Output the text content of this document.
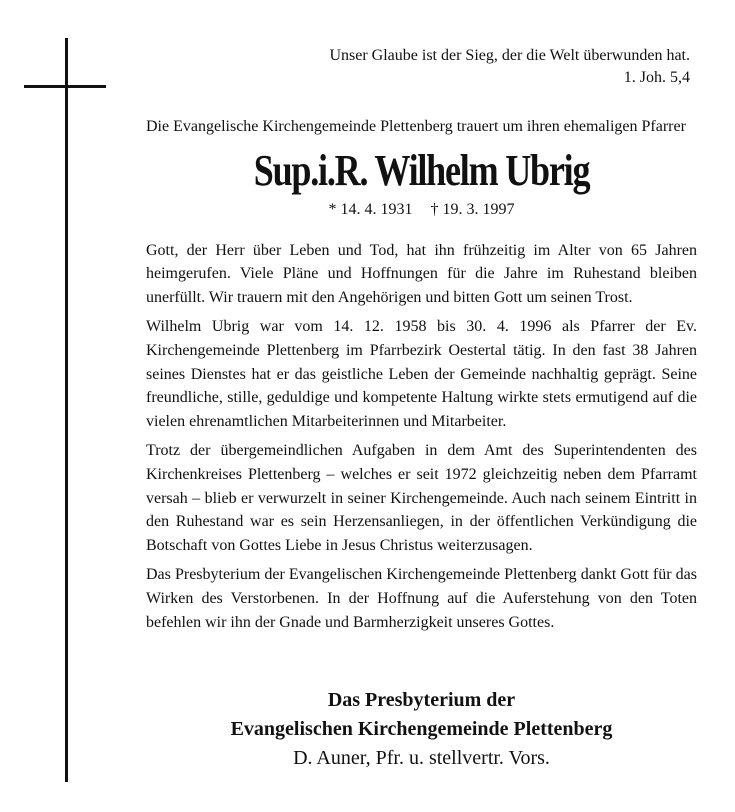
Unser Glaube ist der Sieg, der die Welt überwunden hat.
1. Joh. 5,4

Die Evangelische Kirchengemeinde Plettenberg trauert um ihren ehemaligen Pfarrer

Sup.i.R. Wilhelm Ubrig
* 14. 4. 1931 † 19. 3. 1997

Gott, der Herr über Leben und Tod, hat ihn frühzeitig im Alter von 65 Jahren heimgerufen. Viele Pläne und Hoffnungen für die Jahre im Ruhestand bleiben unerfüllt. Wir trauern mit den Angehörigen und bitten Gott um seinen Trost.

Wilhelm Ubrig war vom 14. 12. 1958 bis 30. 4. 1996 als Pfarrer der Ev. Kirchengemeinde Plettenberg im Pfarrbezirk Oestertal tätig. In den fast 38 Jahren seines Dienstes hat er das geistliche Leben der Gemeinde nachhaltig geprägt. Seine freundliche, stille, geduldige und kompetente Haltung wirkte stets ermutigend auf die vielen ehrenamtlichen Mitarbeiterinnen und Mitarbeiter.

Trotz der übergemeindlichen Aufgaben in dem Amt des Superintendenten des Kirchenkreises Plettenberg – welches er seit 1972 gleichzeitig neben dem Pfarramt versah – blieb er verwurzelt in seiner Kirchengemeinde. Auch nach seinem Eintritt in den Ruhestand war es sein Herzensanliegen, in der öffentlichen Verkündigung die Botschaft von Gottes Liebe in Jesus Christus weiterzusagen.

Das Presbyterium der Evangelischen Kirchengemeinde Plettenberg dankt Gott für das Wirken des Verstorbenen. In der Hoffnung auf die Auferstehung von den Toten befehlen wir ihn der Gnade und Barmherzigkeit unseres Gottes.

Das Presbyterium der
Evangelischen Kirchengemeinde Plettenberg
D. Auner, Pfr. u. stellvertr. Vors.
